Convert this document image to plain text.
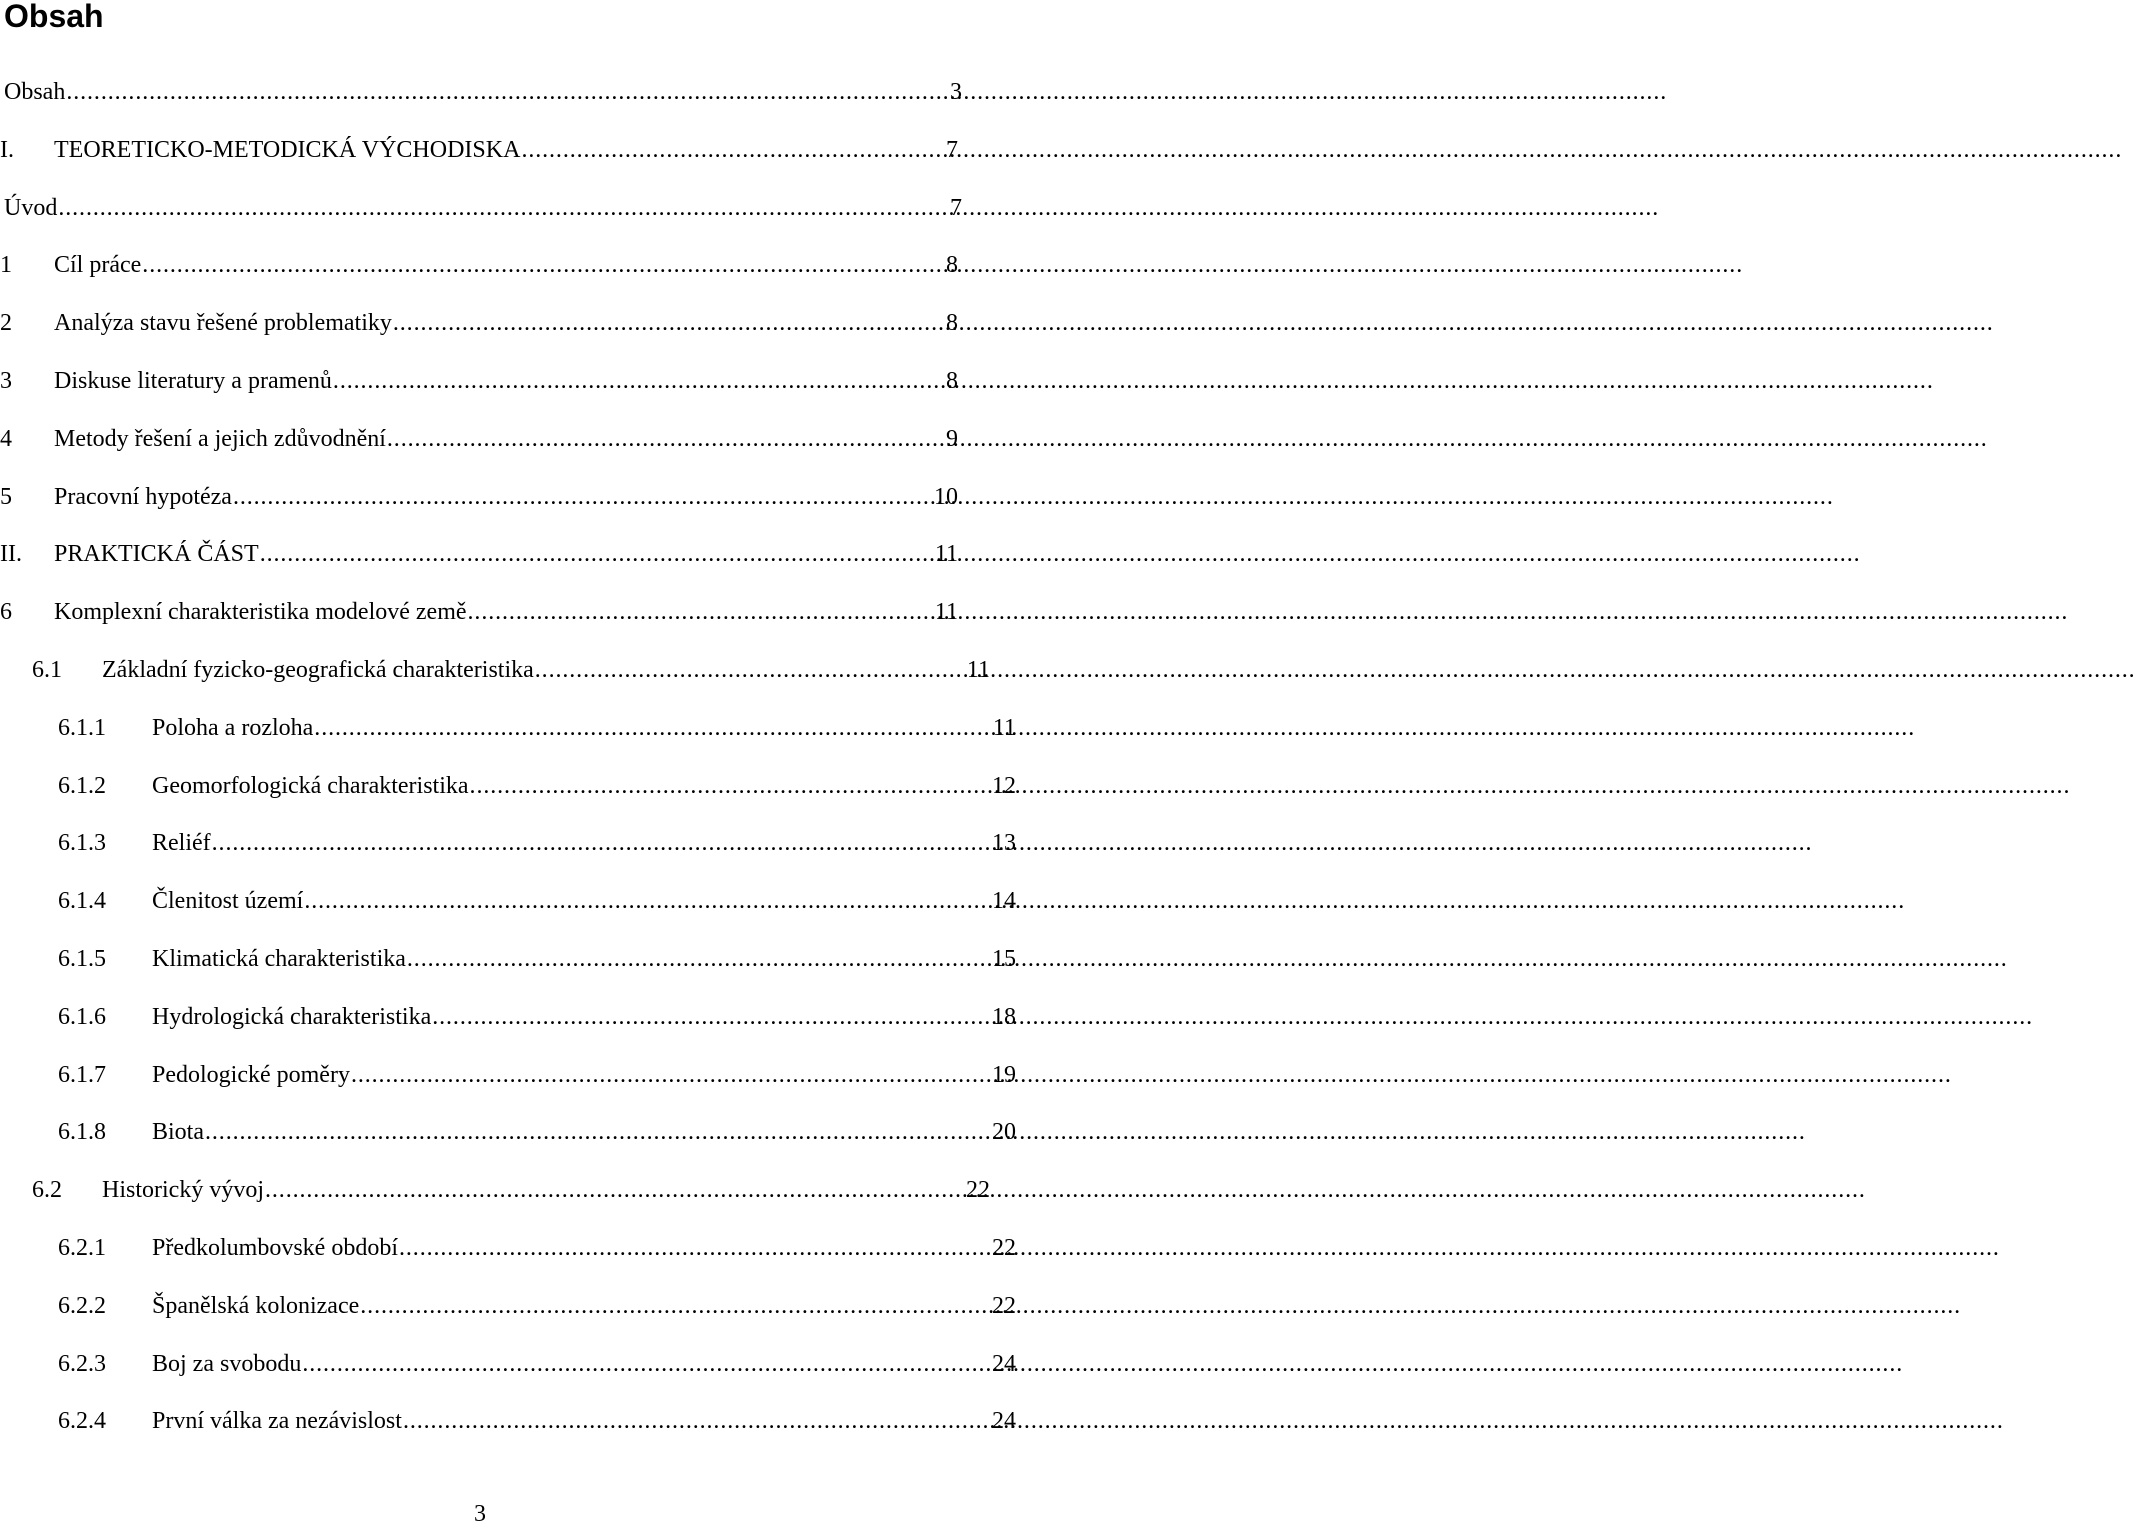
Obsah
Obsah .....	3
I.	TEORETICKO-METODICKÁ VÝCHODISKA .....	7
Úvod .....	7
1	Cíl práce .....	8
2	Analýza stavu řešené problematiky .....	8
3	Diskuse literatury a pramenů .....	8
4	Metody řešení a jejich zdůvodnění .....	9
5	Pracovní hypotéza .....	10
II.	PRAKTICKÁ ČÁST .....	11
6	Komplexní charakteristika modelové země .....	11
6.1	Základní fyzicko-geografická charakteristika .....	11
6.1.1	Poloha a rozloha .....	11
6.1.2	Geomorfologická charakteristika .....	12
6.1.3	Reliéf .....	13
6.1.4	Členitost území .....	14
6.1.5	Klimatická charakteristika .....	15
6.1.6	Hydrologická charakteristika .....	18
6.1.7	Pedologické poměry .....	19
6.1.8	Biota .....	20
6.2	Historický vývoj .....	22
6.2.1	Předkolumbovské období .....	22
6.2.2	Španělská kolonizace .....	22
6.2.3	Boj za svobodu .....	24
6.2.4	První válka za nezávislost .....	24
3
